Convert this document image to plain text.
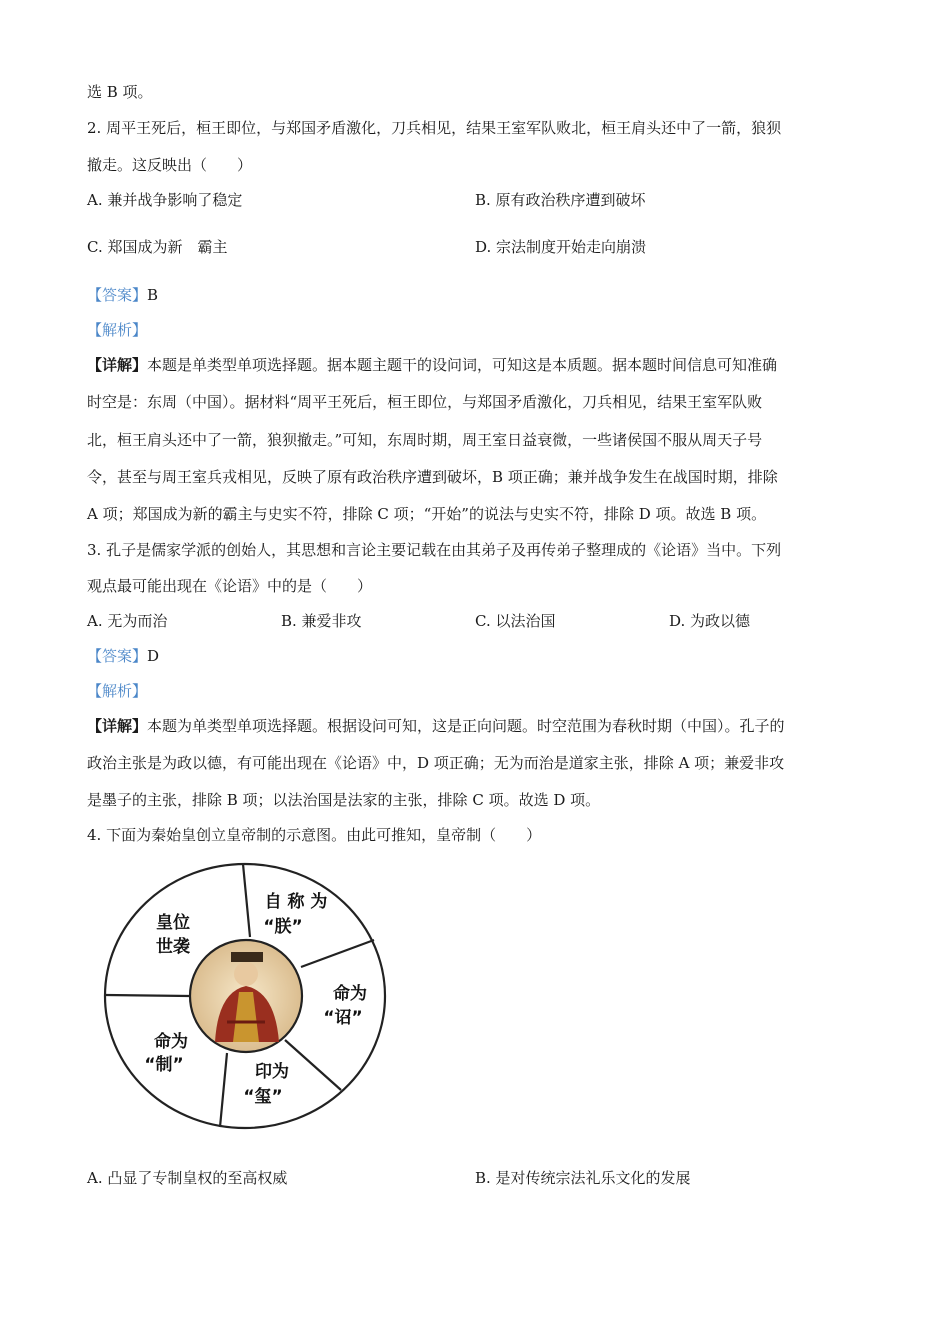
选 B 项。
2. 周平王死后，桓王即位，与郑国矛盾激化，刀兵相见，结果王室军队败北，桓王肩头还中了一箭，狼狈
撤走。这反映出（　　）
A. 兼并战争影响了稳定	B. 原有政治秩序遭到破坏
C. 郑国成为新　霸主	D. 宗法制度开始走向崩溃
【答案】B
【解析】
【详解】本题是单类型单项选择题。据本题主题干的设问词，可知这是本质题。据本题时间信息可知准确
时空是：东周（中国）。据材料“周平王死后，桓王即位，与郑国矛盾激化，刀兵相见，结果王室军队败
北，桓王肩头还中了一箭，狼狈撤走。”可知，东周时期，周王室日益衰微，一些诸侯国不服从周天子号
令，甚至与周王室兵戎相见，反映了原有政治秩序遭到破坏，B 项正确；兼并战争发生在战国时期，排除
A 项；郑国成为新的霸主与史实不符，排除 C 项；“开始”的说法与史实不符，排除 D 项。故选 B 项。
3. 孔子是儒家学派的创始人，其思想和言论主要记载在由其弟子及再传弟子整理成的《论语》当中。下列
观点最可能出现在《论语》中的是（　　）
A. 无为而治	B. 兼爱非攻	C. 以法治国	D. 为政以德
【答案】D
【解析】
【详解】本题为单类型单项选择题。根据设问可知，这是正向问题。时空范围为春秋时期（中国）。孔子的
政治主张是为政以德，有可能出现在《论语》中，D 项正确；无为而治是道家主张，排除 A 项；兼爱非攻
是墨子的主张，排除 B 项；以法治国是法家的主张，排除 C 项。故选 D 项。
4. 下面为秦始皇创立皇帝制的示意图。由此可推知，皇帝制（　　）
皇位
世袭
自 称 为
“朕”
命为
“诏”
印为
“玺”
命为
“制”
A. 凸显了专制皇权的至高权威	B. 是对传统宗法礼乐文化的发展
